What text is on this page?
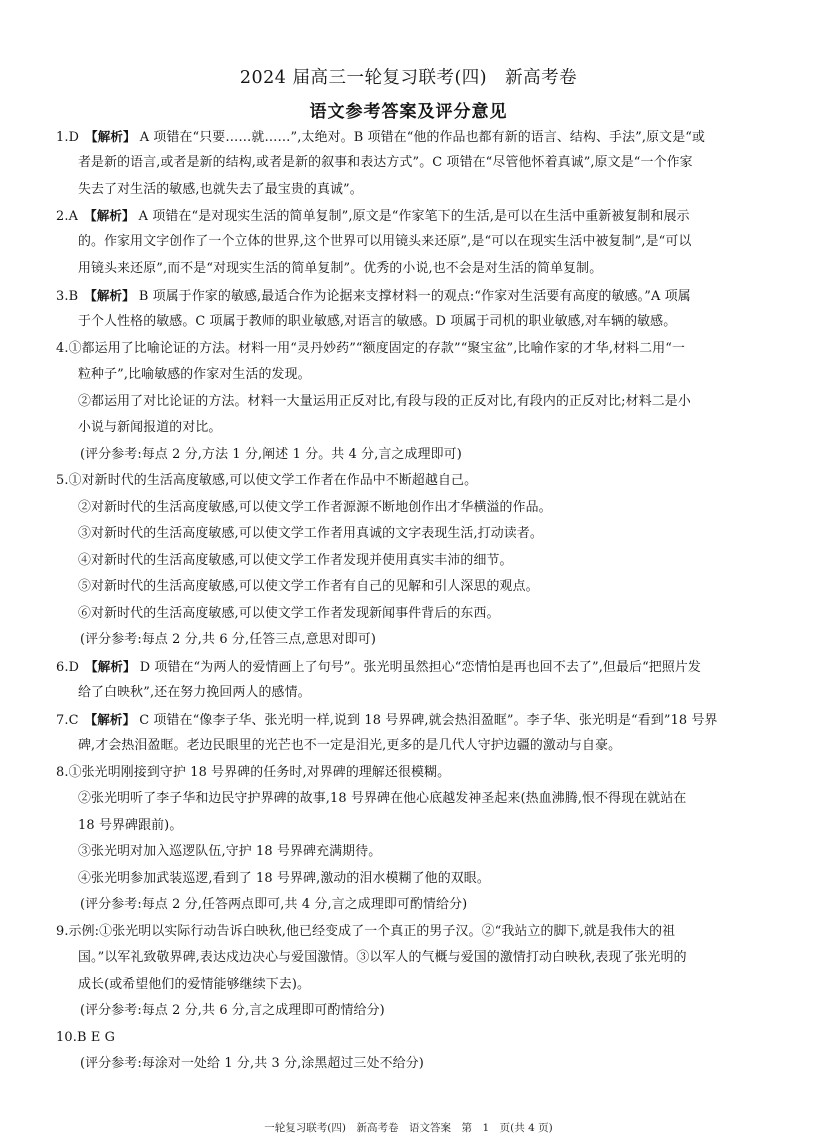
2024 届高三一轮复习联考(四)　新高考卷
语文参考答案及评分意见
1.D 【解析】 A 项错在“只要……就……”,太绝对。B 项错在“他的作品也都有新的语言、结构、手法”,原文是“或
者是新的语言,或者是新的结构,或者是新的叙事和表达方式”。C 项错在“尽管他怀着真诚”,原文是“一个作家
失去了对生活的敏感,也就失去了最宝贵的真诚”。
2.A 【解析】 A 项错在“是对现实生活的简单复制”,原文是“作家笔下的生活,是可以在生活中重新被复制和展示
的。作家用文字创作了一个立体的世界,这个世界可以用镜头来还原”,是“可以在现实生活中被复制”,是“可以
用镜头来还原”,而不是“对现实生活的简单复制”。优秀的小说,也不会是对生活的简单复制。
3.B 【解析】 B 项属于作家的敏感,最适合作为论据来支撑材料一的观点:“作家对生活要有高度的敏感。”A 项属
于个人性格的敏感。C 项属于教师的职业敏感,对语言的敏感。D 项属于司机的职业敏感,对车辆的敏感。
4.①都运用了比喻论证的方法。材料一用“灵丹妙药”“额度固定的存款”“聚宝盆”,比喻作家的才华,材料二用“一
粒种子”,比喻敏感的作家对生活的发现。
②都运用了对比论证的方法。材料一大量运用正反对比,有段与段的正反对比,有段内的正反对比;材料二是小
小说与新闻报道的对比。
(评分参考:每点 2 分,方法 1 分,阐述 1 分。共 4 分,言之成理即可)
5.①对新时代的生活高度敏感,可以使文学工作者在作品中不断超越自己。
②对新时代的生活高度敏感,可以使文学工作者源源不断地创作出才华横溢的作品。
③对新时代的生活高度敏感,可以使文学工作者用真诚的文字表现生活,打动读者。
④对新时代的生活高度敏感,可以使文学工作者发现并使用真实丰沛的细节。
⑤对新时代的生活高度敏感,可以使文学工作者有自己的见解和引人深思的观点。
⑥对新时代的生活高度敏感,可以使文学工作者发现新闻事件背后的东西。
(评分参考:每点 2 分,共 6 分,任答三点,意思对即可)
6.D 【解析】 D 项错在“为两人的爱情画上了句号”。张光明虽然担心“恋情怕是再也回不去了”,但最后“把照片发
给了白映秋”,还在努力挽回两人的感情。
7.C 【解析】 C 项错在“像李子华、张光明一样,说到 18 号界碑,就会热泪盈眶”。李子华、张光明是“看到”18 号界
碑,才会热泪盈眶。老边民眼里的光芒也不一定是泪光,更多的是几代人守护边疆的激动与自豪。
8.①张光明刚接到守护 18 号界碑的任务时,对界碑的理解还很模糊。
②张光明听了李子华和边民守护界碑的故事,18 号界碑在他心底越发神圣起来(热血沸腾,恨不得现在就站在
18 号界碑跟前)。
③张光明对加入巡逻队伍,守护 18 号界碑充满期待。
④张光明参加武装巡逻,看到了 18 号界碑,激动的泪水模糊了他的双眼。
(评分参考:每点 2 分,任答两点即可,共 4 分,言之成理即可酌情给分)
9.示例:①张光明以实际行动告诉白映秋,他已经变成了一个真正的男子汉。②“我站立的脚下,就是我伟大的祖
国。”以军礼致敬界碑,表达戍边决心与爱国激情。③以军人的气概与爱国的激情打动白映秋,表现了张光明的
成长(或希望他们的爱情能够继续下去)。
(评分参考:每点 2 分,共 6 分,言之成理即可酌情给分)
10.B E G
(评分参考:每涂对一处给 1 分,共 3 分,涂黑超过三处不给分)
一轮复习联考(四)　新高考卷　语文答案　第　1　页(共 4 页)
